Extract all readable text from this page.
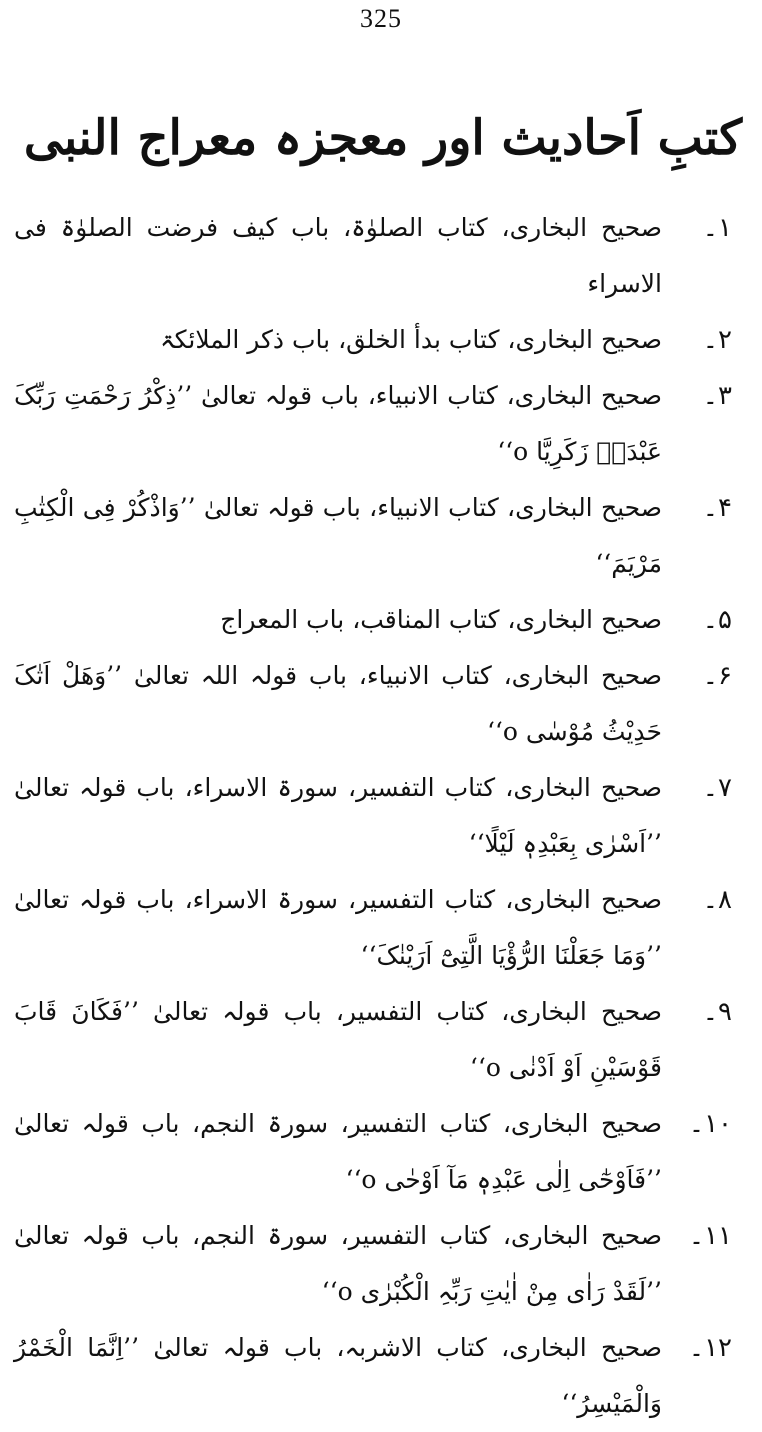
325
کتبِ اَحادیث اور معجزہ معراج النبی
۱۔
صحیح البخاری، کتاب الصلوٰۃ، باب کیف فرضت الصلوٰۃ فی الاسراء
۲۔
صحیح البخاری، کتاب بدأ الخلق، باب ذکر الملائکۃ
۳۔
صحیح البخاری، کتاب الانبیاء، باب قولہ تعالیٰ ’’ذِکْرُ رَحْمَتِ رَبِّکَ عَبْدَہٗ زَکَرِیَّا o‘‘
۴۔
صحیح البخاری، کتاب الانبیاء، باب قولہ تعالیٰ ’’وَاذْکُرْ فِی الْکِتٰبِ مَرْیَمَ‘‘
۵۔
صحیح البخاری، کتاب المناقب، باب المعراج
۶۔
صحیح البخاری، کتاب الانبیاء، باب قولہ اللہ تعالیٰ ’’وَھَلْ اَتٰکَ حَدِیْثُ مُوْسٰی o‘‘
۷۔
صحیح البخاری، کتاب التفسیر، سورۃ الاسراء، باب قولہ تعالیٰ ’’اَسْرٰی بِعَبْدِہٖ لَیْلًا‘‘
۸۔
صحیح البخاری، کتاب التفسیر، سورۃ الاسراء، باب قولہ تعالیٰ ’’وَمَا جَعَلْنَا الرُّؤْیَا الَّتِیْٓ اَرَیْنٰکَ‘‘
۹۔
صحیح البخاری، کتاب التفسیر، باب قولہ تعالیٰ ’’فَکَانَ قَابَ قَوْسَیْنِ اَوْ اَدْنٰی o‘‘
۱۰۔
صحیح البخاری، کتاب التفسیر، سورۃ النجم، باب قولہ تعالیٰ ’’فَاَوْحٰٓی اِلٰی عَبْدِہٖ مَآ اَوْحٰی o‘‘
۱۱۔
صحیح البخاری، کتاب التفسیر، سورۃ النجم، باب قولہ تعالیٰ ’’لَقَدْ رَاٰی مِنْ اٰیٰتِ رَبِّہِ الْکُبْرٰی o‘‘
۱۲۔
صحیح البخاری، کتاب الاشربہ، باب قولہ تعالیٰ ’’اِنَّمَا الْخَمْرُ وَالْمَیْسِرُ‘‘
